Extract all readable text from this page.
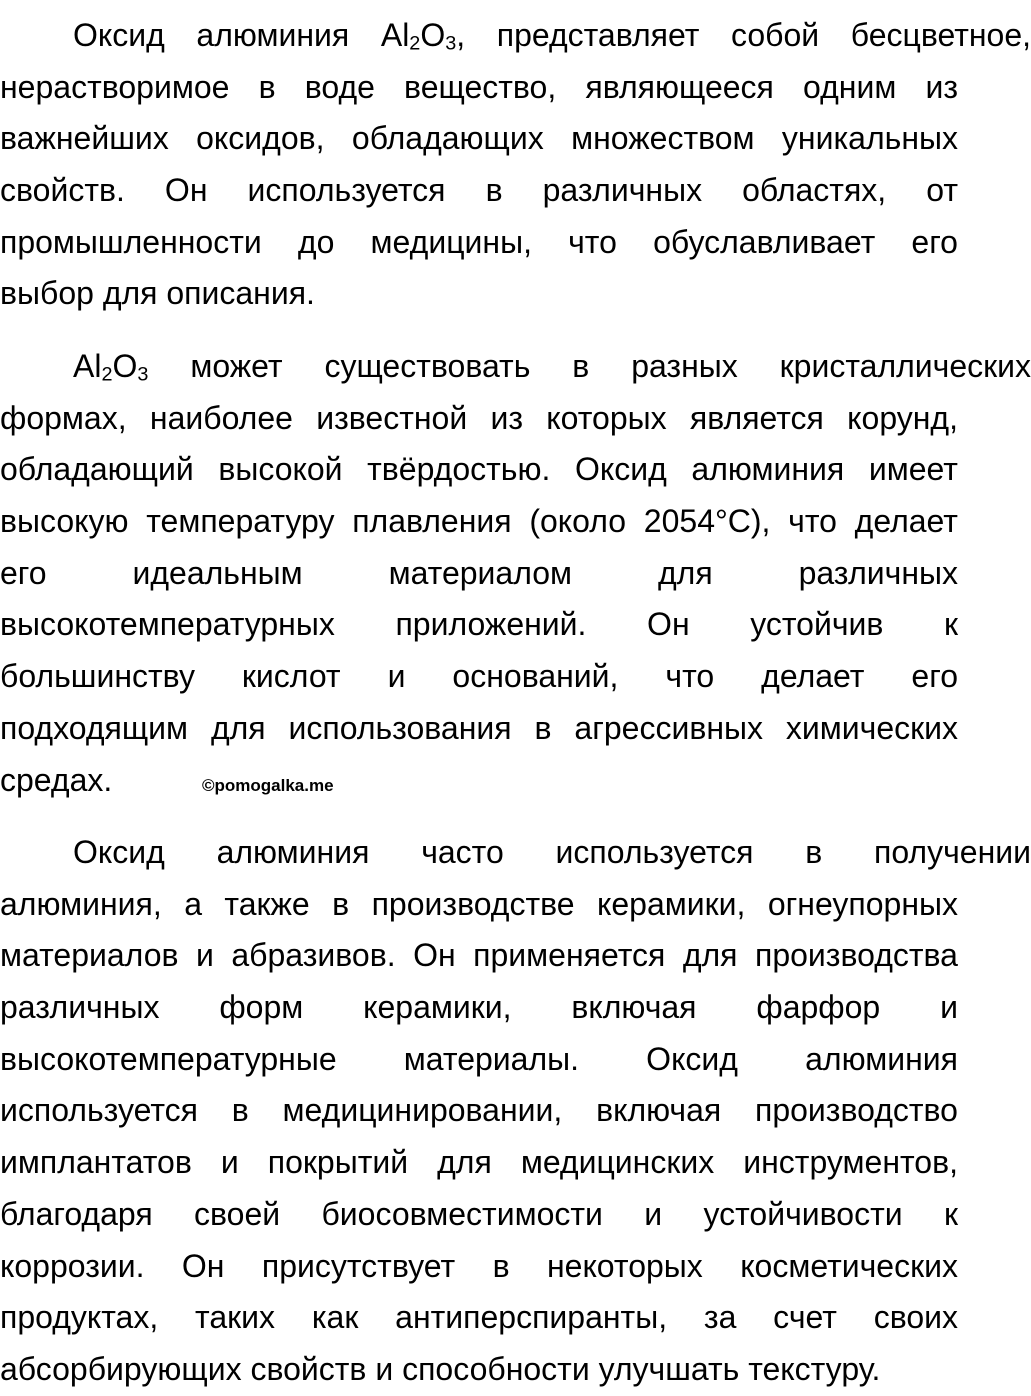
Оксид алюминия $Al_2O_3$, представляет собой бесцветное,
нерастворимое в воде вещество, являющееся одним из
важнейших оксидов, обладающих множеством уникальных
свойств. Он используется в различных областях, от
промышленности до медицины, что обуславливает его
выбор для описания.
$Al_2O_3$ может существовать в разных кристаллических
формах, наиболее известной из которых является корунд,
обладающий высокой твёрдостью. Оксид алюминия имеет
высокую температуру плавления (около 2054°C), что делает
его	идеальным	материалом	для	различных
высокотемпературных приложений. Он устойчив к
большинству кислот и оснований, что делает его
подходящим для использования в агрессивных химических
средах.	©pomogalka.me
Оксид алюминия часто используется в получении
алюминия, а также в производстве керамики, огнеупорных
материалов и абразивов. Он применяется для производства
различных форм керамики, включая фарфор и
высокотемпературные материалы. Оксид алюминия
используется в медицинировании, включая производство
имплантатов и покрытий для медицинских инструментов,
благодаря своей биосовместимости и устойчивости к
коррозии. Он присутствует в некоторых косметических
продуктах, таких как антиперспиранты, за счет своих
абсорбирующих свойств и способности улучшать текстуру.
